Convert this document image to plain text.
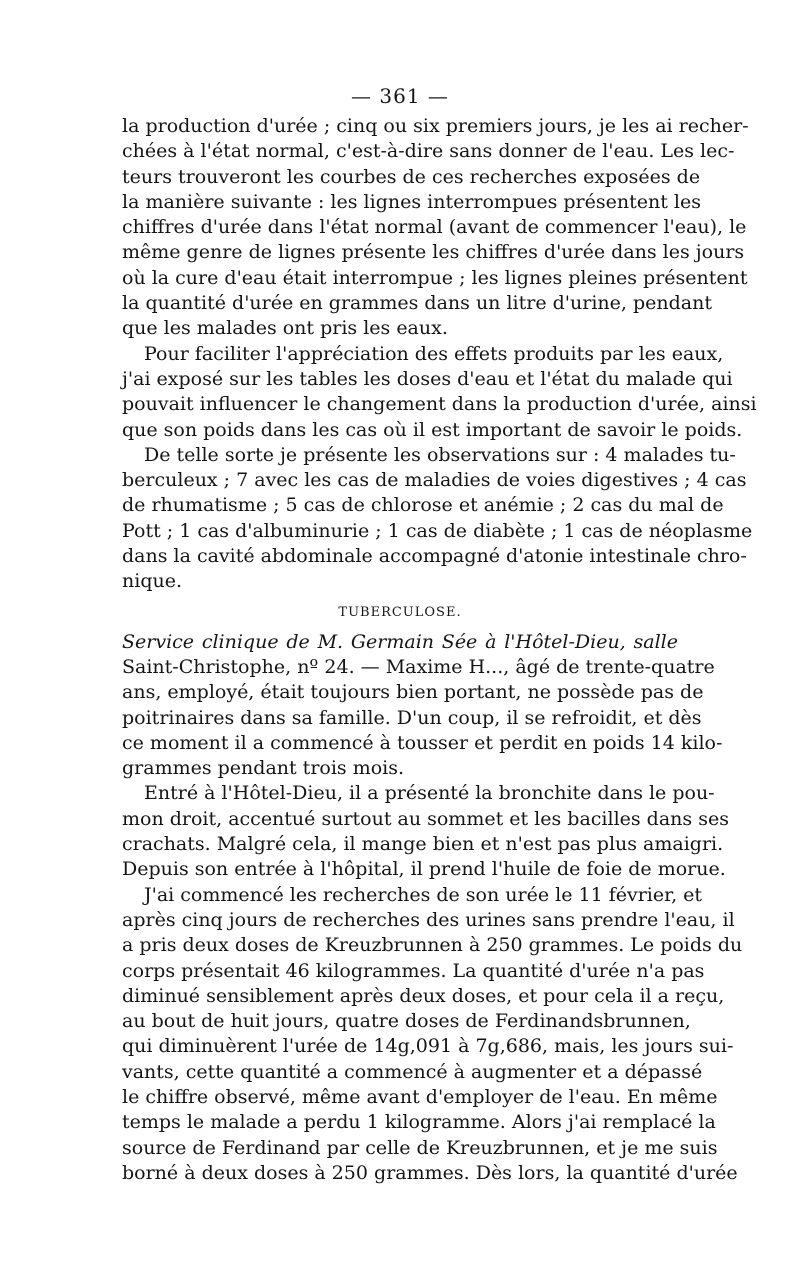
— 361 —
la production d'urée ; cinq ou six premiers jours, je les ai recher-
chées à l'état normal, c'est-à-dire sans donner de l'eau. Les lec-
teurs trouveront les courbes de ces recherches exposées de
la manière suivante : les lignes interrompues présentent les
chiffres d'urée dans l'état normal (avant de commencer l'eau), le
même genre de lignes présente les chiffres d'urée dans les jours
où la cure d'eau était interrompue ; les lignes pleines présentent
la quantité d'urée en grammes dans un litre d'urine, pendant
que les malades ont pris les eaux.
Pour faciliter l'appréciation des effets produits par les eaux,
j'ai exposé sur les tables les doses d'eau et l'état du malade qui
pouvait influencer le changement dans la production d'urée, ainsi
que son poids dans les cas où il est important de savoir le poids.
De telle sorte je présente les observations sur : 4 malades tu-
berculeux ; 7 avec les cas de maladies de voies digestives ; 4 cas
de rhumatisme ; 5 cas de chlorose et anémie ; 2 cas du mal de
Pott ; 1 cas d'albuminurie ; 1 cas de diabète ; 1 cas de néoplasme
dans la cavité abdominale accompagné d'atonie intestinale chro-
nique.
TUBERCULOSE.
Service clinique de M. Germain Sée à l'Hôtel-Dieu, salle
Saint-Christophe, nº 24. — Maxime H..., âgé de trente-quatre
ans, employé, était toujours bien portant, ne possède pas de
poitrinaires dans sa famille. D'un coup, il se refroidit, et dès
ce moment il a commencé à tousser et perdit en poids 14 kilo-
grammes pendant trois mois.
Entré à l'Hôtel-Dieu, il a présenté la bronchite dans le pou-
mon droit, accentué surtout au sommet et les bacilles dans ses
crachats. Malgré cela, il mange bien et n'est pas plus amaigri.
Depuis son entrée à l'hôpital, il prend l'huile de foie de morue.
J'ai commencé les recherches de son urée le 11 février, et
après cinq jours de recherches des urines sans prendre l'eau, il
a pris deux doses de Kreuzbrunnen à 250 grammes. Le poids du
corps présentait 46 kilogrammes. La quantité d'urée n'a pas
diminué sensiblement après deux doses, et pour cela il a reçu,
au bout de huit jours, quatre doses de Ferdinandsbrunnen,
qui diminuèrent l'urée de 14g,091 à 7g,686, mais, les jours sui-
vants, cette quantité a commencé à augmenter et a dépassé
le chiffre observé, même avant d'employer de l'eau. En même
temps le malade a perdu 1 kilogramme. Alors j'ai remplacé la
source de Ferdinand par celle de Kreuzbrunnen, et je me suis
borné à deux doses à 250 grammes. Dès lors, la quantité d'urée
